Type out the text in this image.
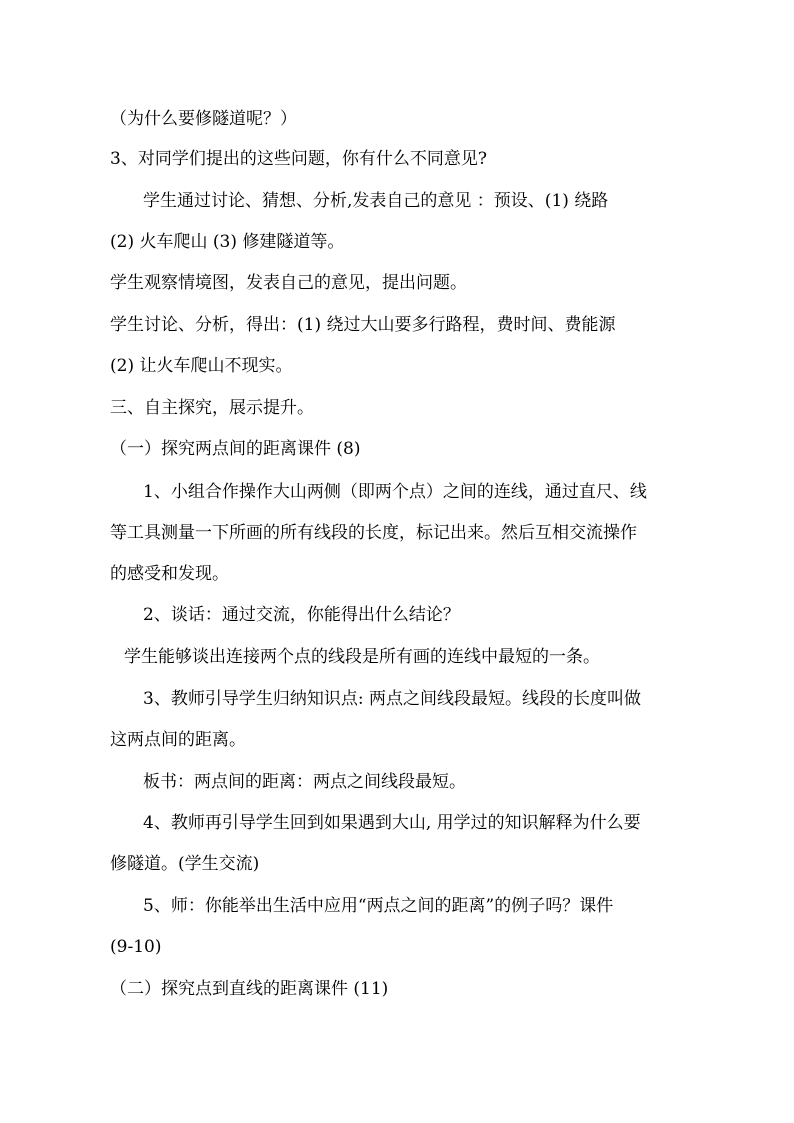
（为什么要修隧道呢？）
3、对同学们提出的这些问题，你有什么不同意见?
学生通过讨论、猜想、分析,发表自己的意见 ：预设、(1) 绕路
(2) 火车爬山 (3) 修建隧道等。
学生观察情境图，发表自己的意见，提出问题。
学生讨论、分析，得出：(1) 绕过大山要多行路程，费时间、费能源
(2) 让火车爬山不现实。
三、自主探究，展示提升。
（一）探究两点间的距离课件 (8)
1、小组合作操作大山两侧（即两个点）之间的连线，通过直尺、线
等工具测量一下所画的所有线段的长度，标记出来。然后互相交流操作
的感受和发现。
2、谈话：通过交流，你能得出什么结论？
学生能够谈出连接两个点的线段是所有画的连线中最短的一条。
3、教师引导学生归纳知识点: 两点之间线段最短。线段的长度叫做
这两点间的距离。
板书：两点间的距离：两点之间线段最短。
4、教师再引导学生回到如果遇到大山, 用学过的知识解释为什么要
修隧道。(学生交流)
5、师：你能举出生活中应用“两点之间的距离”的例子吗？课件
(9-10)
（二）探究点到直线的距离课件 (11)
